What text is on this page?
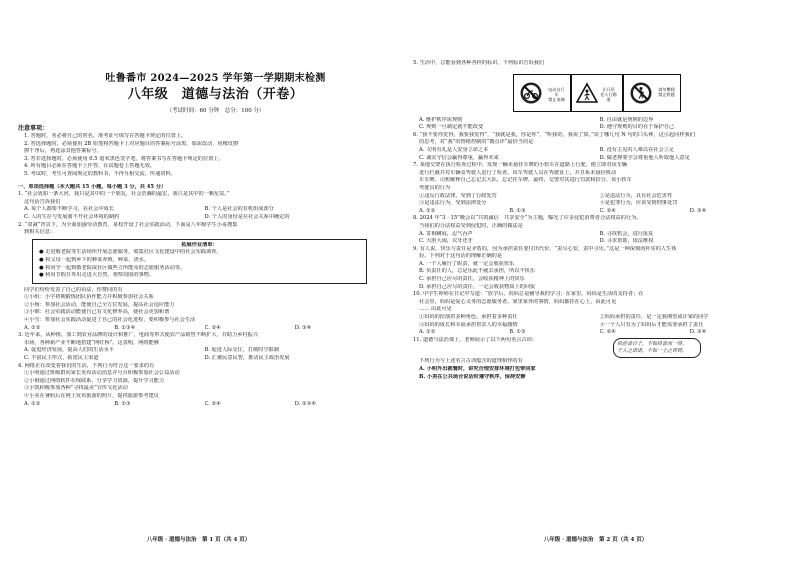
吐鲁番市 2024—2025 学年第一学期期末检测
八年级　道德与法治（开卷）
（考试时间：60 分钟　总分：100 分）
注意事项：
1. 答题时，务必将自己的姓名、准考证号填写在答题卡规定的位置上。
2. 答选择题时，必须使用 2B 铅笔将答题卡上对应题目的答案标号涂黑，如需改动，用橡皮擦
擦干净后，再选涂其他答案标号。
3. 答非选择题时，必须使用 0.5 毫米黑色签字笔，将答案书写在答题卡规定的位置上。
4. 所有题目必须在答题卡上作答，在试题卷上答题无效。
5. 考试时，考生可查阅规定的教科书，不得互相交流、传递资料。
一、单项选择题（本大题共 15 小题，每小题 3 分，共 45 分）
1. “社会犹如一条大河，我只是其中的一个朋友，社会浩瀚的最宏，我只是其中的一颗星辰。”
这句话告诉我们
A. 每个人都要不断学习，在社会中成长	B. 个人是社会的有机组成部分
C. 人的生存与发展离不开社会环境的制约	D. 个人的身份是在社会关系中确定的
2. “双减”背景下，为全面加强劳动教育，某校开设了社会实践活动，下面是八年级学生小哥搜集
到相关信息：
拓展作业清单：
● 走进敬老院等生活场所开展志愿服务，收集社区文化建设中的社会实践调查。
● 和父母一起到乡下的种菜养殖，种菜、浇水。
● 和同学一起到敬老院或社区做些力所能及的志愿服务活动等。
● 利用节假日外出走进大自然，观察周围的事物。
同学们纷纷发表了自己的看法，你赞同的有
①小组：小学初期锻炼团队协作能力并积极参加社会关系
②小杨：参加社会活动，能使自己全方位发展，提高社会适应能力
③小锦：社会实践活动能使自己有文化修养高，使社会更加和谐
④小雪：参加社会实践活动促进了自己的社会化进程，要积极参与社会生活
A. ①②	B. ①③④	C. ②④	D. ③④
3. 近年来，从种植、加工到农业品牌的设计和推广，电商等形式使农产品销售不断扩大，并助力乡村振兴
市场，各种新产业不断地搭建“网红桥”。这表明，网络能够
A. 促进经济发展，提高人们的生活水平	B. 促进人际交往，打破时空限制
C. 丰富民主形式，拓宽民主渠道	D. 汇聚民意民智，推动民主政治发展
4. 网络正在改变着我们的生活，下列行为符合这一要求的有
①小明通过班级群向家长发布活动消息并号召积极参加社会公益活动
②小钢通过网络软件在线联系，分享学习资源，提升学习能力
③小凯积极参加各种“寻找最美”宣传文化活动
④小美在暑假后在网上发布旅游的照片，提供旅游参考建议
A. ①②	B. ①③	C. ②④	D. ②③④
八年级 · 道德与法治　第 1 页（共 4 页）
5. 生活中，总能看到各种各样的标识。下列标识告诉我们
电动自行车
禁止电梯
让开吊
老人行路道
请勿攀爬
禁止跨越
A. 维护秩序需规则	B. 自由就是规则的边界
C. 规则一旦制定就不能改变	D. 遵守规则的目的在于保护自己
6. “我不要你觉得，我要我觉得”，“我就是我，你是你”，“听我的，我说了算。”说了哪几句 N 句的口头禅，这引起同样我们
的思考，对“我”的情绪控制的“微点评”最恰当的是
A. 文明有礼是人安身立命之本	B. 没有主见的人难以在社会立足
C. 诚实守信会赢得尊重，赢得未来	D. 做老撑要学会尊重他人听取他人意见
7. 某地交警在执行检查过程中，发现一辆未悬挂车牌的小轿车在道路上行驶，便立即对该车辆
进行拦截并对车辆及驾驶人进行了检查。该车驾驶人员在驾驶证上，并且系未悬挂机动
车车牌。司机解释自己忘记去大队，忘记挂车牌。最终，交警对其进行罚款和扣分。该小轿车
驾驶员的行为
①违反行政法律，受到了行政处罚	②是违法行为，具有社会危害性
③是违法行为，受到法律处分	④是犯罪行为，应该受到刑事处罚
A. ①②	B. ①③	C. ②④	D. ③④
8. 2024 年“3 · 15”晚会以“共筑诚信　共享安全”为主题，曝光了许多侵犯消费者合法权益的行为。
当我们的合法权益受到侵犯时，正确的做法是
A. 寄相瞒展，忍气吞声	B. 寻找机会，进行报复
C. 大胆大闹，以牙还牙	D. 寻求帮助，依法维权
9. 有人说，快乐与责任是矛盾的，因为承担责任要付出代价，“责尽心安，责中寻乐。”这是一种深刻而朴实的人生体
验。下列对于这句话的理解正确的是
A. 一个人履行了职责，就一定会收获快乐
B. 负责任的人，总是乐此不疲去承担，所以不快乐
C. 承担自己应尽的责任，会收获精神上的快乐
D. 承担自己应尽的责任，一定会收获物质上的回报
10. 中学生婷婷在日记中写道：“放学后，妈妈总是辅导我的学习；在家里，妈妈是生活的支持者；在
社会里，妈妈是爱心义务的志愿服务者。家里家外的事情，妈妈都挂在心上。由此可见
…… 由此可见
①妈妈的扮演着多种角色，承担着多种责任	②妈妈承担的责任，是一定我期望或许家的同学
③妈妈的成长和幸福承担着亲人的幸福感情	④一个人只有为了妈妈后才能需要承担了责任
A. ①②	B. ①③	C. ②④	D. ③④
11. 道德与法治课上，老师展示了以下两句名言古训：
荷意食百于，不如择善而一得。
干人之诺诺，不如一士之谔谔。
下列行为与上述名言古训蕴含的道理相悖的有
A. 小明外出就餐时，讲究合理安排环境打包带回家
B. 小美在公共场合说话时遵守秩序，保持安静
八年级 · 道德与法治　第 2 页（共 4 页）
